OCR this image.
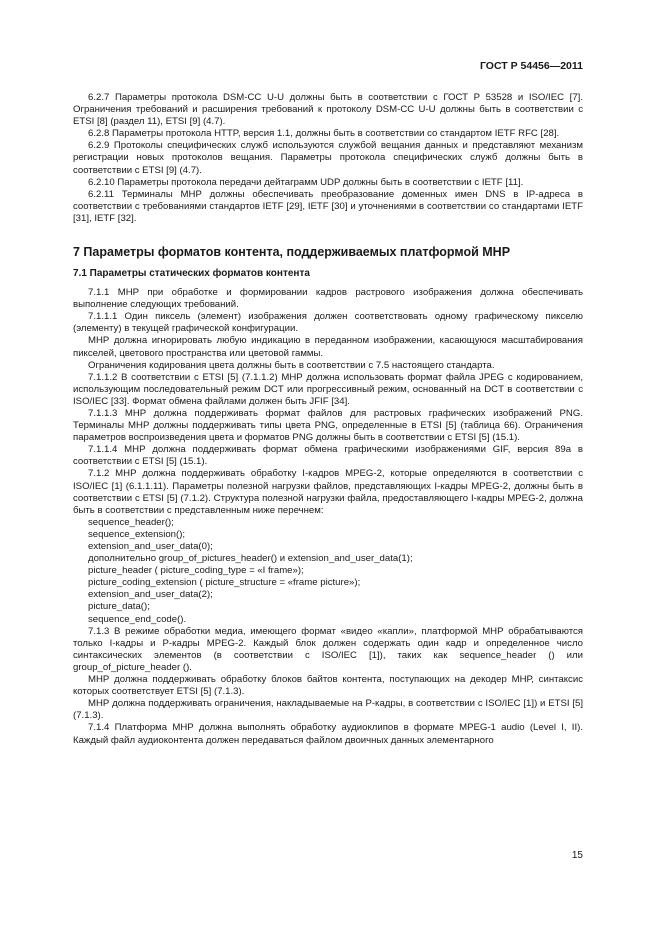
ГОСТ Р 54456—2011
6.2.7 Параметры протокола DSM-CC U-U должны быть в соответствии с ГОСТ Р 53528 и ISO/IEC [7]. Ограничения требований и расширения требований к протоколу DSM-CC U-U должны быть в соответствии с ETSI [8] (раздел 11), ETSI [9] (4.7).
6.2.8 Параметры протокола HTTP, версия 1.1, должны быть в соответствии со стандартом IETF RFC [28].
6.2.9 Протоколы специфических служб используются службой вещания данных и представляют механизм регистрации новых протоколов вещания. Параметры протокола специфических служб должны быть в соответствии с ETSI [9] (4.7).
6.2.10 Параметры протокола передачи дейтаграмм UDP должны быть в соответствии с IETF [11].
6.2.11 Терминалы МНР должны обеспечивать преобразование доменных имен DNS в IP-адреса в соответствии с требованиями стандартов IETF [29], IETF [30] и уточнениями в соответствии со стандартами IETF [31], IETF [32].
7 Параметры форматов контента, поддерживаемых платформой МНР
7.1 Параметры статических форматов контента
7.1.1 МНР при обработке и формировании кадров растрового изображения должна обеспечивать выполнение следующих требований.
7.1.1.1 Один пиксель (элемент) изображения должен соответствовать одному графическому пикселю (элементу) в текущей графической конфигурации.
МНР должна игнорировать любую индикацию в переданном изображении, касающуюся масштабирования пикселей, цветового пространства или цветовой гаммы.
Ограничения кодирования цвета должны быть в соответствии с 7.5 настоящего стандарта.
7.1.1.2 В соответствии с ETSI [5] (7.1.1.2) МНР должна использовать формат файла JPEG с кодированием, использующим последовательный режим DCT или прогрессивный режим, основанный на DCT в соответствии с ISO/IEC [33]. Формат обмена файлами должен быть JFIF [34].
7.1.1.3 МНР должна поддерживать формат файлов для растровых графических изображений PNG. Терминалы МНР должны поддерживать типы цвета PNG, определенные в ETSI [5] (таблица 66). Ограничения параметров воспроизведения цвета и форматов PNG должны быть в соответствии с ETSI [5] (15.1).
7.1.1.4 МНР должна поддерживать формат обмена графическими изображениями GIF, версия 89a в соответствии с ETSI [5] (15.1).
7.1.2 МНР должна поддерживать обработку I-кадров MPEG-2, которые определяются в соответствии с ISO/IEC [1] (6.1.1.11). Параметры полезной нагрузки файлов, представляющих I-кадры MPEG-2, должны быть в соответствии с ETSI [5] (7.1.2). Структура полезной нагрузки файла, предоставляющего I-кадры MPEG-2, должна быть в соответствии с представленным ниже перечнем:
sequence_header();
sequence_extension();
extension_and_user_data(0);
дополнительно group_of_pictures_header() и extension_and_user_data(1);
picture_header ( picture_coding_type = «I frame»);
picture_coding_extension ( picture_structure = «frame picture»);
extension_and_user_data(2);
picture_data();
sequence_end_code().
7.1.3 В режиме обработки медиа, имеющего формат «видео «капли», платформой МНР обрабатываются только I-кадры и Р-кадры MPEG-2. Каждый блок должен содержать один кадр и определенное число синтаксических элементов (в соответствии с ISO/IEC [1]), таких как sequence_header () или group_of_picture_header ().
МНР должна поддерживать обработку блоков байтов контента, поступающих на декодер МНР, синтаксис которых соответствует ETSI [5] (7.1.3).
МНР должна поддерживать ограничения, накладываемые на Р-кадры, в соответствии с ISO/IEC [1]) и ETSI [5] (7.1.3).
7.1.4 Платформа МНР должна выполнять обработку аудиоклипов в формате MPEG-1 audio (Level I, II). Каждый файл аудиоконтента должен передаваться файлом двоичных данных элементарного
15
